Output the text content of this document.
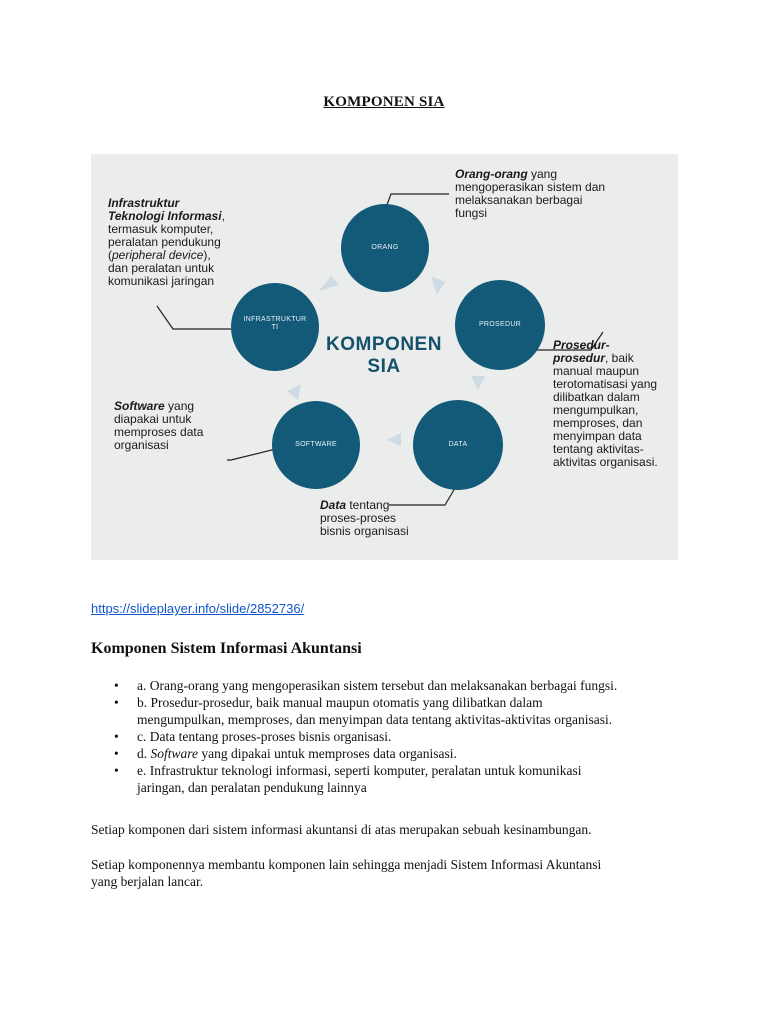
KOMPONEN SIA
ORANG
PROSEDUR
DATA
SOFTWARE
INFRASTRUKTUR
TI
KOMPONEN
SIA
Orang-orang yang
mengoperasikan sistem dan
melaksanakan berbagai
fungsi
Prosedur-
prosedur, baik
manual maupun
terotomatisasi yang
dilibatkan dalam
mengumpulkan,
memproses, dan
menyimpan data
tentang aktivitas-
aktivitas organisasi.
Data tentang
proses-proses
bisnis organisasi
Software yang
diapakai untuk
memproses data
organisasi
Infrastruktur
Teknologi Informasi,
termasuk komputer,
peralatan pendukung
(peripheral device),
dan peralatan untuk
komunikasi jaringan
https://slideplayer.info/slide/2852736/
Komponen Sistem Informasi Akuntansi
• a. Orang-orang yang mengoperasikan sistem tersebut dan melaksanakan berbagai fungsi.
• b. Prosedur-prosedur, baik manual maupun otomatis yang dilibatkan dalam
mengumpulkan, memproses, dan menyimpan data tentang aktivitas-aktivitas organisasi.
• c. Data tentang proses-proses bisnis organisasi.
• d. Software yang dipakai untuk memproses data organisasi.
• e. Infrastruktur teknologi informasi, seperti komputer, peralatan untuk komunikasi
jaringan, dan peralatan pendukung lainnya

Setiap komponen dari sistem informasi akuntansi di atas merupakan sebuah kesinambungan.

Setiap komponennya membantu komponen lain sehingga menjadi Sistem Informasi Akuntansi
yang berjalan lancar.
